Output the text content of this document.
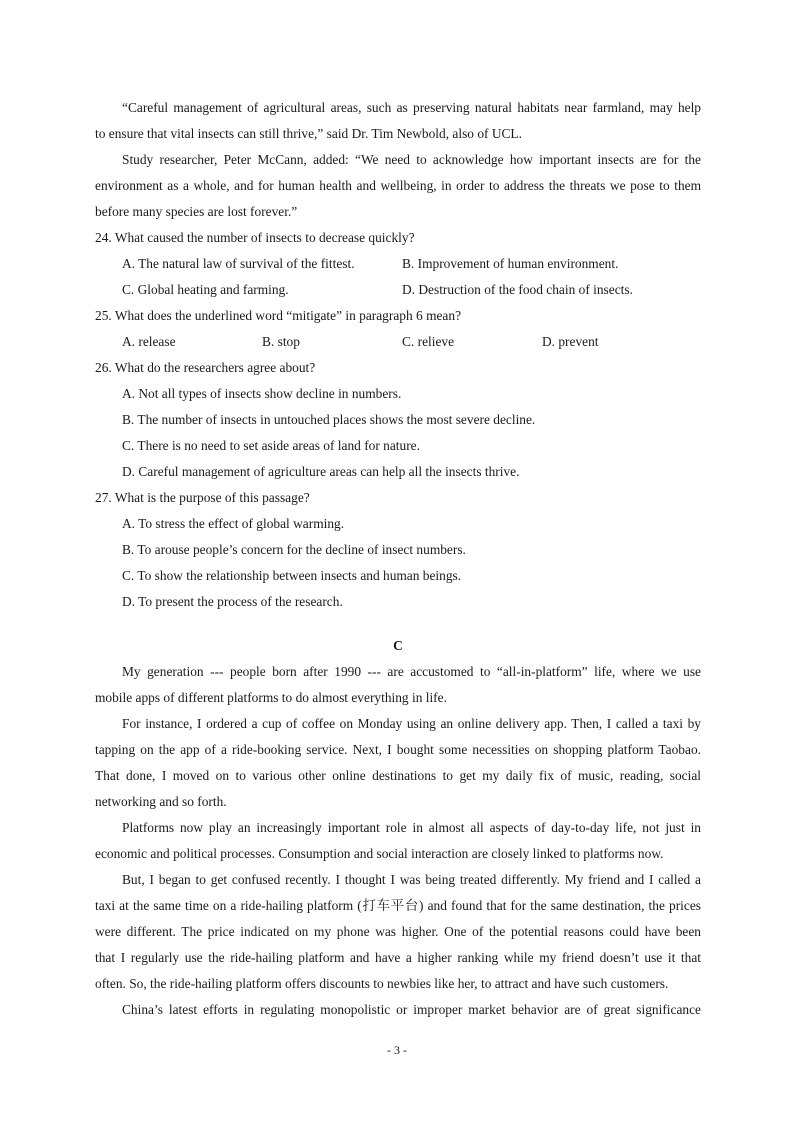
“Careful management of agricultural areas, such as preserving natural habitats near farmland, may help
to ensure that vital insects can still thrive,” said Dr. Tim Newbold, also of UCL.
Study researcher, Peter McCann, added: “We need to acknowledge how important insects are for the
environment as a whole, and for human health and wellbeing, in order to address the threats we pose to them
before many species are lost forever.”
24. What caused the number of insects to decrease quickly?
A. The natural law of survival of the fittest.	B. Improvement of human environment.
C. Global heating and farming.	D. Destruction of the food chain of insects.
25. What does the underlined word “mitigate” in paragraph 6 mean?
A. release	B. stop	C. relieve	D. prevent
26. What do the researchers agree about?
A. Not all types of insects show decline in numbers.
B. The number of insects in untouched places shows the most severe decline.
C. There is no need to set aside areas of land for nature.
D. Careful management of agriculture areas can help all the insects thrive.
27. What is the purpose of this passage?
A. To stress the effect of global warming.
B. To arouse people’s concern for the decline of insect numbers.
C. To show the relationship between insects and human beings.
D. To present the process of the research.
C
My generation --- people born after 1990 --- are accustomed to “all-in-platform” life, where we use
mobile apps of different platforms to do almost everything in life.
For instance, I ordered a cup of coffee on Monday using an online delivery app. Then, I called a taxi by
tapping on the app of a ride-booking service. Next, I bought some necessities on shopping platform Taobao.
That done, I moved on to various other online destinations to get my daily fix of music, reading, social
networking and so forth.
Platforms now play an increasingly important role in almost all aspects of day-to-day life, not just in
economic and political processes. Consumption and social interaction are closely linked to platforms now.
But, I began to get confused recently. I thought I was being treated differently. My friend and I called a
taxi at the same time on a ride-hailing platform (打车平台) and found that for the same destination, the prices
were different. The price indicated on my phone was higher. One of the potential reasons could have been
that I regularly use the ride-hailing platform and have a higher ranking while my friend doesn’t use it that
often. So, the ride-hailing platform offers discounts to newbies like her, to attract and have such customers.
China’s latest efforts in regulating monopolistic or improper market behavior are of great significance
- 3 -
